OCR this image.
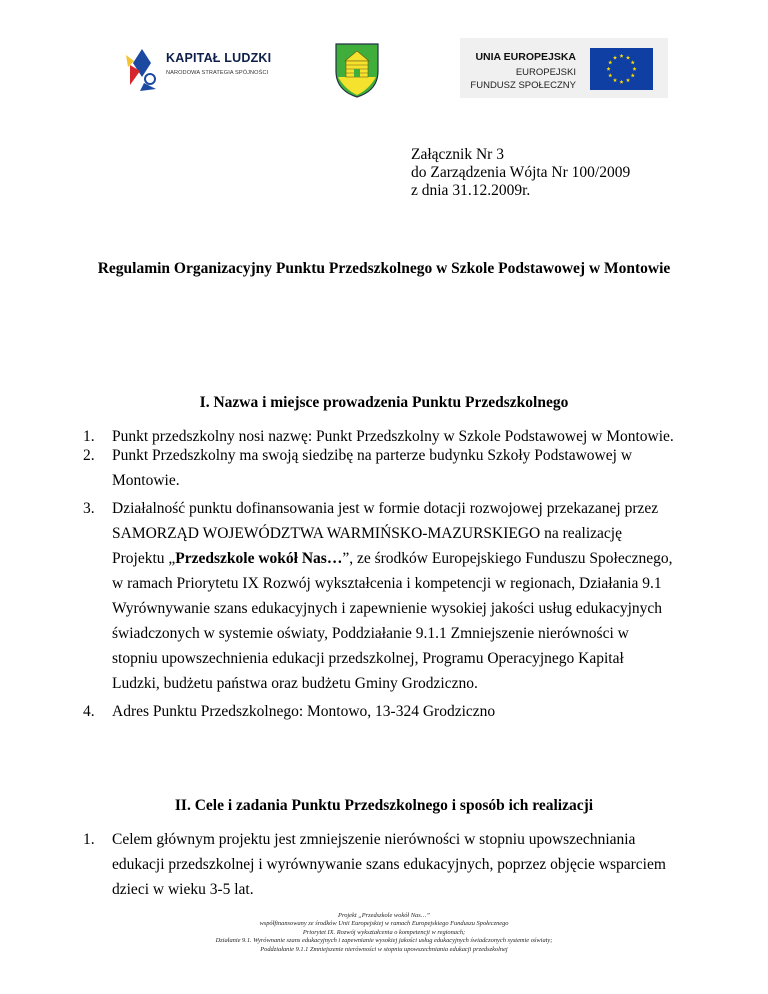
KAPITAŁ LUDZKI
NARODOWA STRATEGIA SPÓJNOŚCI
UNIA EUROPEJSKA
EUROPEJSKI
FUNDUSZ SPOŁECZNY
Załącznik Nr 3
do Zarządzenia Wójta Nr 100/2009
z dnia 31.12.2009r.
Regulamin Organizacyjny Punktu Przedszkolnego w Szkole Podstawowej w Montowie
I. Nazwa i miejsce prowadzenia Punktu Przedszkolnego
1. Punkt przedszkolny nosi nazwę: Punkt Przedszkolny w Szkole Podstawowej w Montowie.
2. Punkt Przedszkolny ma swoją siedzibę na parterze budynku Szkoły Podstawowej w
Montowie.
3. Działalność punktu dofinansowania jest w formie dotacji rozwojowej przekazanej przez
SAMORZĄD WOJEWÓDZTWA WARMIŃSKO-MAZURSKIEGO na realizację
Projektu „Przedszkole wokół Nas…”, ze środków Europejskiego Funduszu Społecznego,
w ramach Priorytetu IX Rozwój wykształcenia i kompetencji w regionach, Działania 9.1
Wyrównywanie szans edukacyjnych i zapewnienie wysokiej jakości usług edukacyjnych
świadczonych w systemie oświaty, Poddziałanie 9.1.1 Zmniejszenie nierówności w
stopniu upowszechnienia edukacji przedszkolnej, Programu Operacyjnego Kapitał
Ludzki, budżetu państwa oraz budżetu Gminy Grodziczno.
4. Adres Punktu Przedszkolnego: Montowo, 13-324 Grodziczno
II. Cele i zadania Punktu Przedszkolnego i sposób ich realizacji
1. Celem głównym projektu jest zmniejszenie nierówności w stopniu upowszechniania
edukacji przedszkolnej i wyrównywanie szans edukacyjnych, poprzez objęcie wsparciem
dzieci w wieku 3-5 lat.
Projekt „Przedszkole wokół Nas…”
współfinansowany ze środków Unii Europejskiej w ramach Europejskiego Funduszu Społecznego
Priorytet IX. Rozwój wykształcenia o kompetencji w regionach;
Działanie 9.1. Wyrównanie szans edukacyjnych i zapewnianie wysokiej jakości usług edukacyjnych świadczonych systemie oświaty;
Poddziałanie 9.1.1 Zmniejszenie nierówności w stopniu upowszechniania edukacji przedszkolnej
